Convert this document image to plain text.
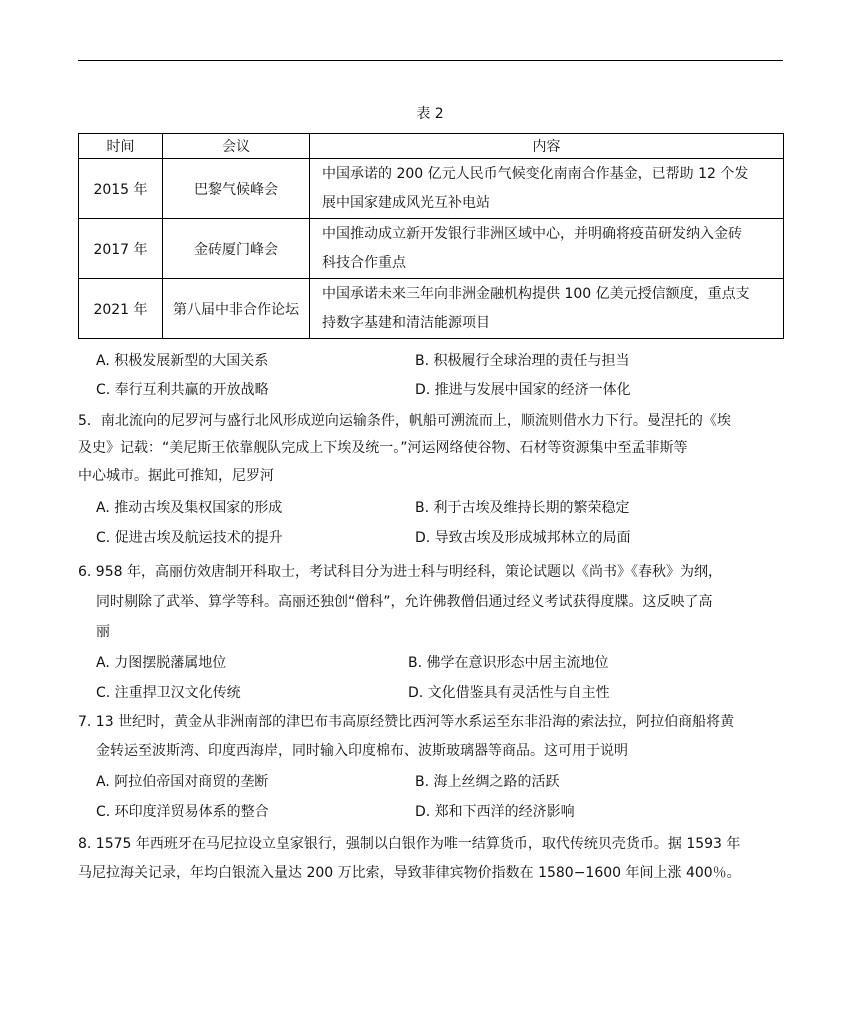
表 2
时间	会议	内容
2015 年	巴黎气候峰会	中国承诺的 200 亿元人民币气候变化南南合作基金，已帮助 12 个发
展中国家建成风光互补电站

2017 年	金砖厦门峰会	中国推动成立新开发银行非洲区域中心，并明确将疫苗研发纳入金砖
科技合作重点

2021 年	第八届中非合作论坛	中国承诺未来三年向非洲金融机构提供 100 亿美元授信额度，重点支
持数字基建和清洁能源项目
A. 积极发展新型的大国关系	B. 积极履行全球治理的责任与担当
C. 奉行互利共赢的开放战略	D. 推进与发展中国家的经济一体化
5．南北流向的尼罗河与盛行北风形成逆向运输条件，帆船可溯流而上，顺流则借水力下行。曼涅托的《埃
及史》记载：“美尼斯王依靠舰队完成上下埃及统一。”河运网络使谷物、石材等资源集中至孟菲斯等
中心城市。据此可推知，尼罗河
A. 推动古埃及集权国家的形成	B. 利于古埃及维持长期的繁荣稳定
C. 促进古埃及航运技术的提升	D. 导致古埃及形成城邦林立的局面
6. 958 年，高丽仿效唐制开科取士，考试科目分为进士科与明经科，策论试题以《尚书》《春秋》为纲，
同时剔除了武举、算学等科。高丽还独创“僧科”，允许佛教僧侣通过经义考试获得度牒。这反映了高
丽
A. 力图摆脱藩属地位	B. 佛学在意识形态中居主流地位
C. 注重捍卫汉文化传统	D. 文化借鉴具有灵活性与自主性
7. 13 世纪时，黄金从非洲南部的津巴布韦高原经赞比西河等水系运至东非沿海的索法拉，阿拉伯商船将黄
金转运至波斯湾、印度西海岸，同时输入印度棉布、波斯玻璃器等商品。这可用于说明
A. 阿拉伯帝国对商贸的垄断	B. 海上丝绸之路的活跃
C. 环印度洋贸易体系的整合	D. 郑和下西洋的经济影响
8. 1575 年西班牙在马尼拉设立皇家银行，强制以白银作为唯一结算货币，取代传统贝壳货币。据 1593 年
马尼拉海关记录，年均白银流入量达 200 万比索，导致菲律宾物价指数在 1580−1600 年间上涨 400％。
